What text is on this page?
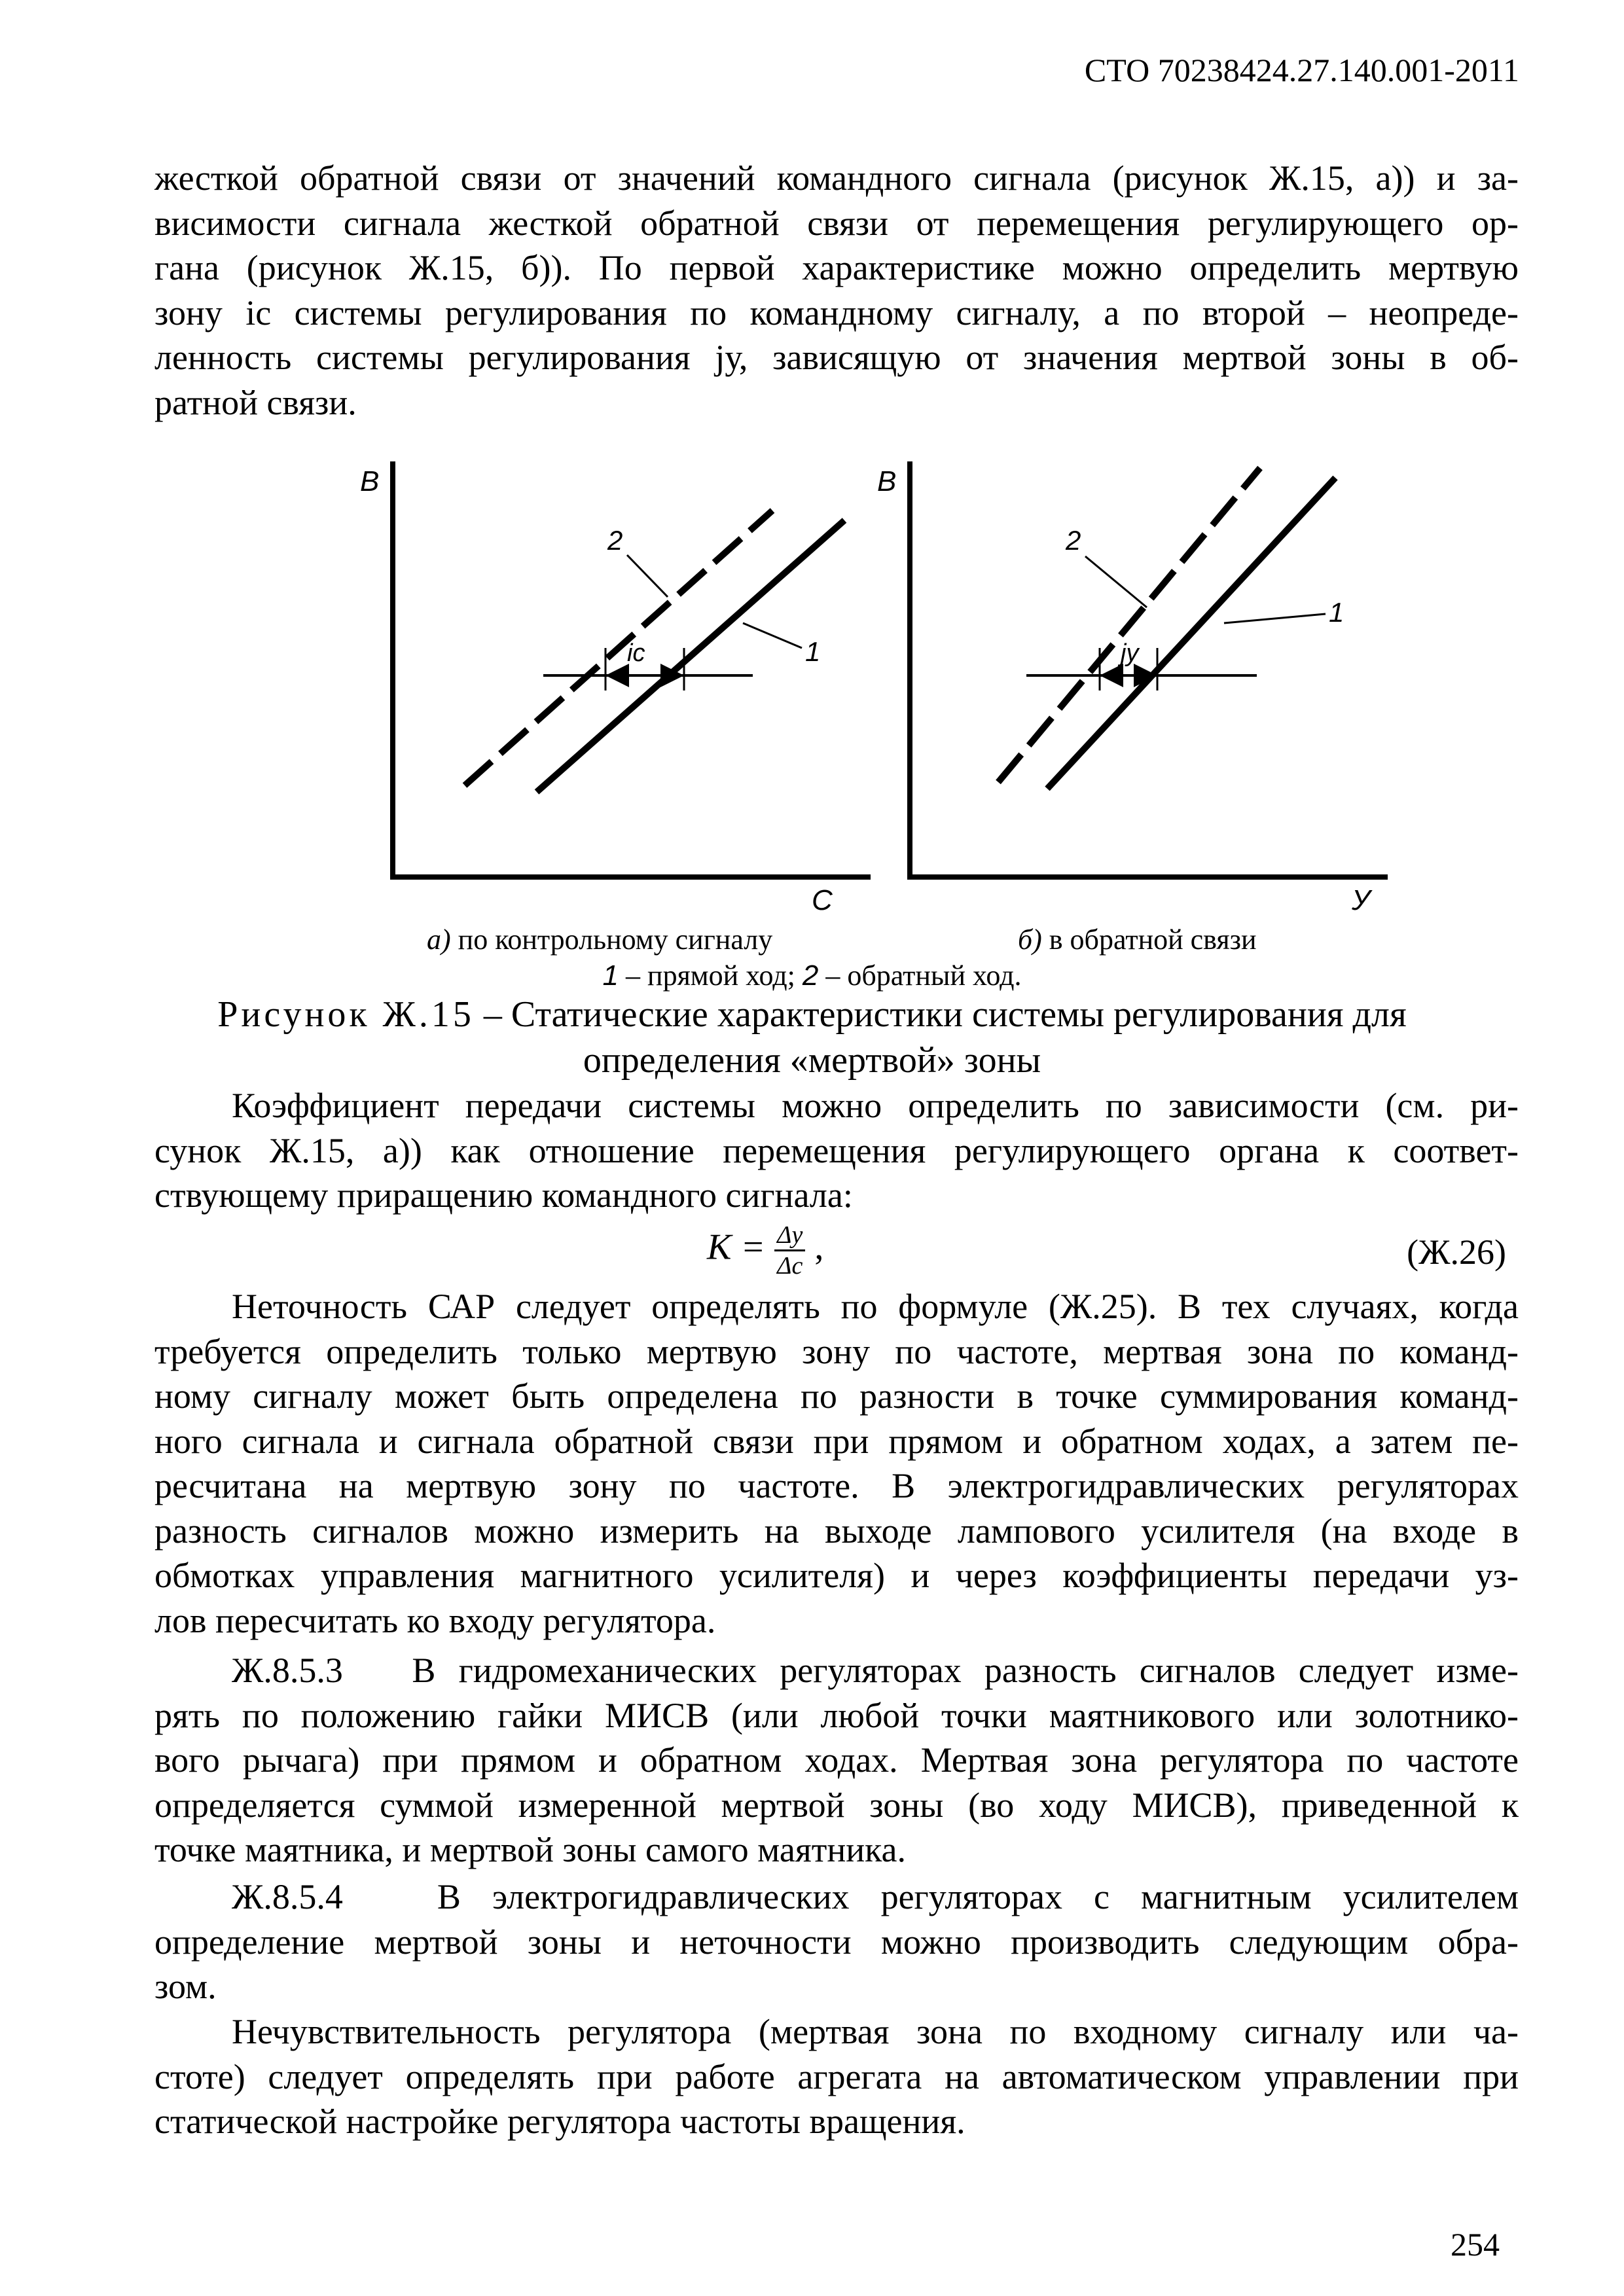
СТО 70238424.27.140.001-2011
жесткой обратной связи от значений командного сигнала (рисунок Ж.15, а)) и за-
висимости сигнала жесткой обратной связи от перемещения регулирующего ор-
гана (рисунок Ж.15, б)). По первой характеристике можно определить мертвую
зону iс системы регулирования по командному сигналу, а по второй – неопреде-
ленность системы регулирования jу, зависящую от значения мертвой зоны в об-
ратной связи.
B
C
iс
2
1
B
У
jу
2
1
а) по контрольному сигналу	б) в обратной связи
1 – прямой ход; 2 – обратный ход.
Рисунок Ж.15 – Статические характеристики системы регулирования для
определения «мертвой» зоны
Коэффициент передачи системы можно определить по зависимости (см. ри-
сунок Ж.15, а)) как отношение перемещения регулирующего органа к соответ-
ствующему приращению командного сигнала:
$K = \frac{\Delta y}{\Delta c}$ ,	(Ж.26)
Неточность САР следует определять по формуле (Ж.25). В тех случаях, когда
требуется определить только мертвую зону по частоте, мертвая зона по команд-
ному сигналу может быть определена по разности в точке суммирования команд-
ного сигнала и сигнала обратной связи при прямом и обратном ходах, а затем пе-
ресчитана на мертвую зону по частоте. В электрогидравлических регуляторах
разность сигналов можно измерить на выходе лампового усилителя (на входе в
обмотках управления магнитного усилителя) и через коэффициенты передачи уз-
лов пересчитать ко входу регулятора.
Ж.8.5.3   В гидромеханических регуляторах разность сигналов следует изме-
рять по положению гайки МИСВ (или любой точки маятникового или золотнико-
вого рычага) при прямом и обратном ходах. Мертвая зона регулятора по частоте
определяется суммой измеренной мертвой зоны (во ходу МИСВ), приведенной к
точке маятника, и мертвой зоны самого маятника.
Ж.8.5.4   В электрогидравлических регуляторах с магнитным усилителем
определение мертвой зоны и неточности можно производить следующим обра-
зом.
Нечувствительность регулятора (мертвая зона по входному сигналу или ча-
стоте) следует определять при работе агрегата на автоматическом управлении при
статической настройке регулятора частоты вращения.
254
